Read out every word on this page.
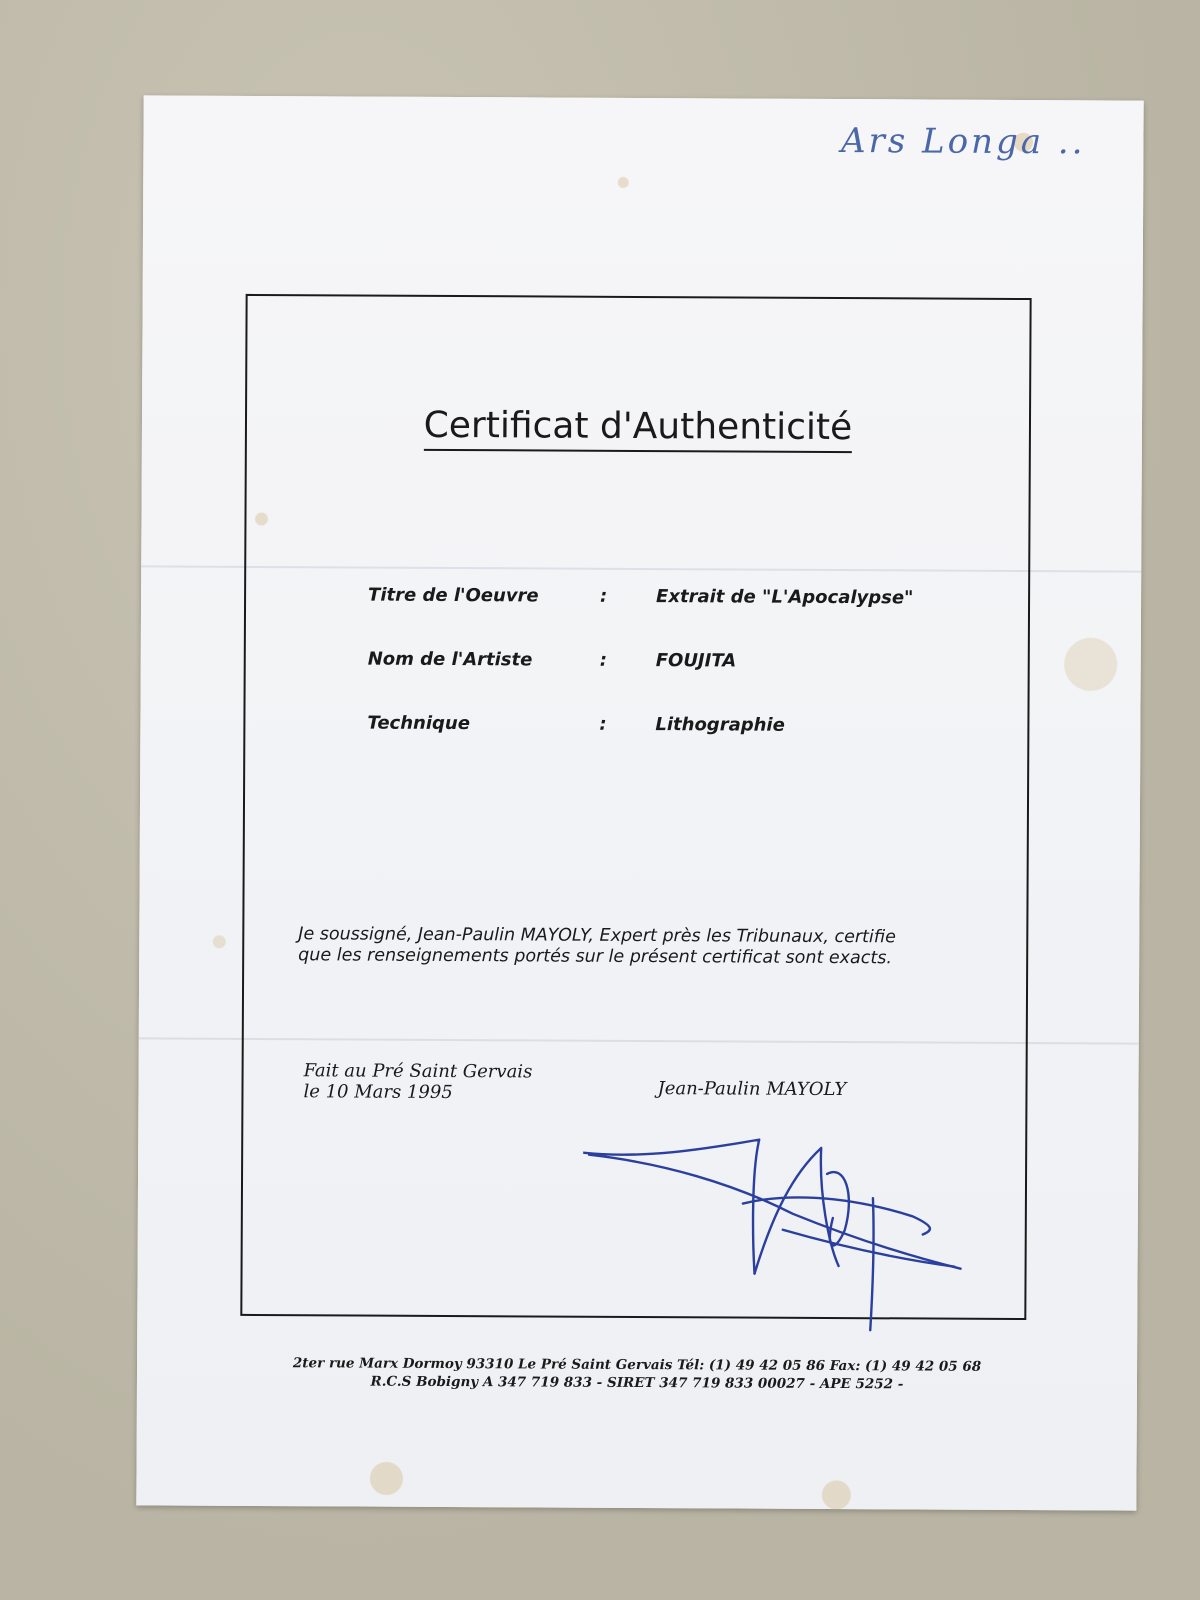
Ars Longa ..
Certificat d'Authenticité
Titre de l'Oeuvre	:	Extrait de "L'Apocalypse"
Nom de l'Artiste	:	FOUJITA
Technique	:	Lithographie
Je soussigné, Jean-Paulin MAYOLY, Expert près les Tribunaux, certifie
que les renseignements portés sur le présent certificat sont exacts.
Fait au Pré Saint Gervais
le 10 Mars 1995	Jean-Paulin MAYOLY
2ter rue Marx Dormoy 93310 Le Pré Saint Gervais Tél: (1) 49 42 05 86 Fax: (1) 49 42 05 68
R.C.S Bobigny A 347 719 833 - SIRET 347 719 833 00027 - APE 5252 -
